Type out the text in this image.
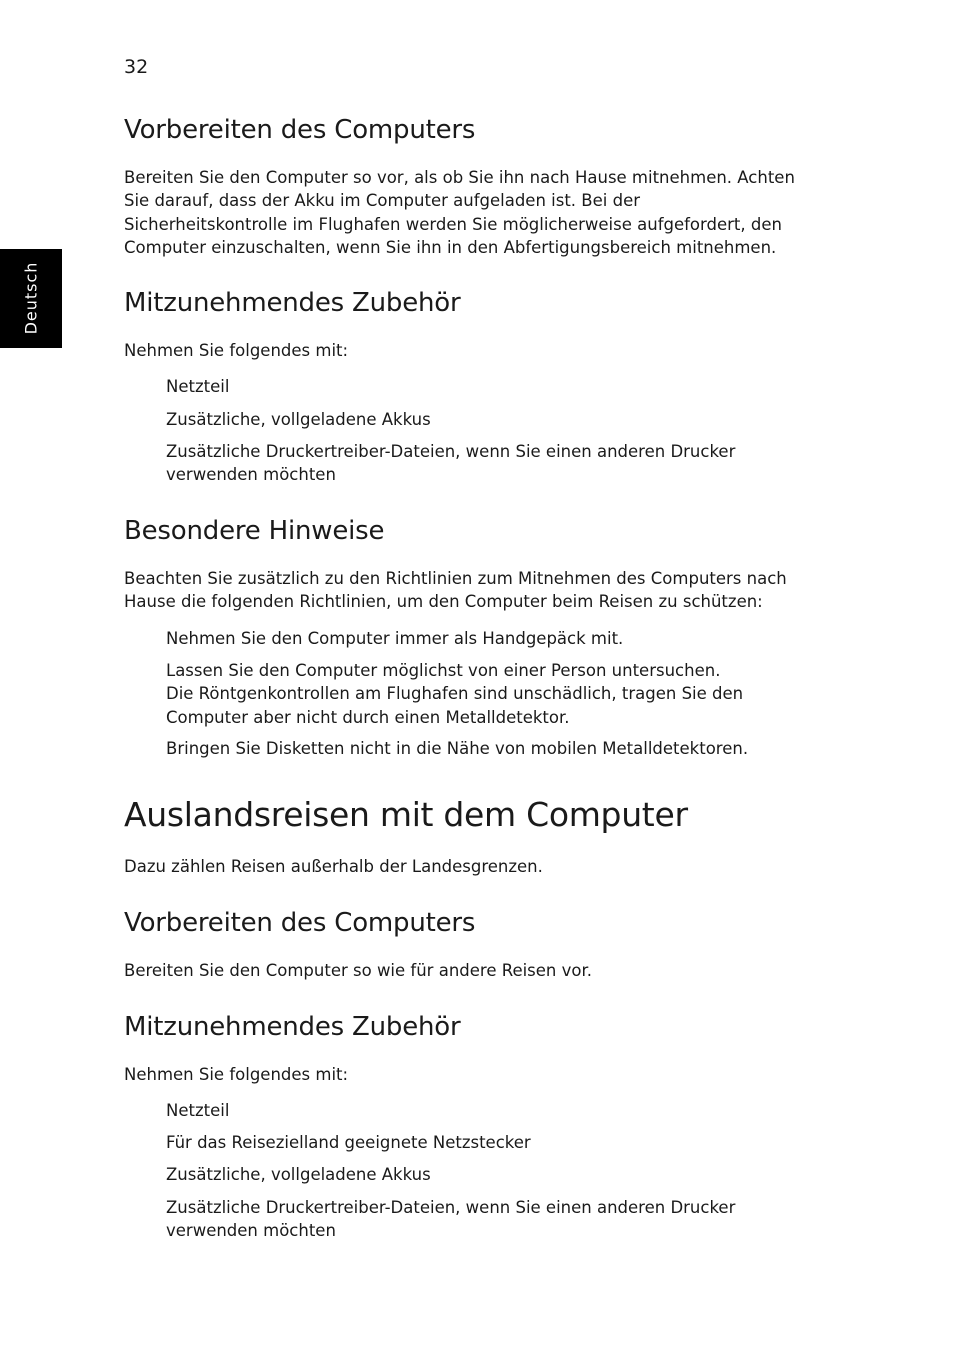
32
Deutsch
Vorbereiten des Computers

Bereiten Sie den Computer so vor, als ob Sie ihn nach Hause mitnehmen. Achten
Sie darauf, dass der Akku im Computer aufgeladen ist. Bei der
Sicherheitskontrolle im Flughafen werden Sie möglicherweise aufgefordert, den
Computer einzuschalten, wenn Sie ihn in den Abfertigungsbereich mitnehmen.

Mitzunehmendes Zubehör

Nehmen Sie folgendes mit:

Netzteil
Zusätzliche, vollgeladene Akkus
Zusätzliche Druckertreiber-Dateien, wenn Sie einen anderen Drucker
verwenden möchten
Besondere Hinweise

Beachten Sie zusätzlich zu den Richtlinien zum Mitnehmen des Computers nach
Hause die folgenden Richtlinien, um den Computer beim Reisen zu schützen:

Nehmen Sie den Computer immer als Handgepäck mit.
Lassen Sie den Computer möglichst von einer Person untersuchen.
Die Röntgenkontrollen am Flughafen sind unschädlich, tragen Sie den
Computer aber nicht durch einen Metalldetektor.
Bringen Sie Disketten nicht in die Nähe von mobilen Metalldetektoren.
Auslandsreisen mit dem Computer

Dazu zählen Reisen außerhalb der Landesgrenzen.

Vorbereiten des Computers

Bereiten Sie den Computer so wie für andere Reisen vor.

Mitzunehmendes Zubehör

Nehmen Sie folgendes mit:

Netzteil
Für das Reisezielland geeignete Netzstecker
Zusätzliche, vollgeladene Akkus
Zusätzliche Druckertreiber-Dateien, wenn Sie einen anderen Drucker
verwenden möchten
